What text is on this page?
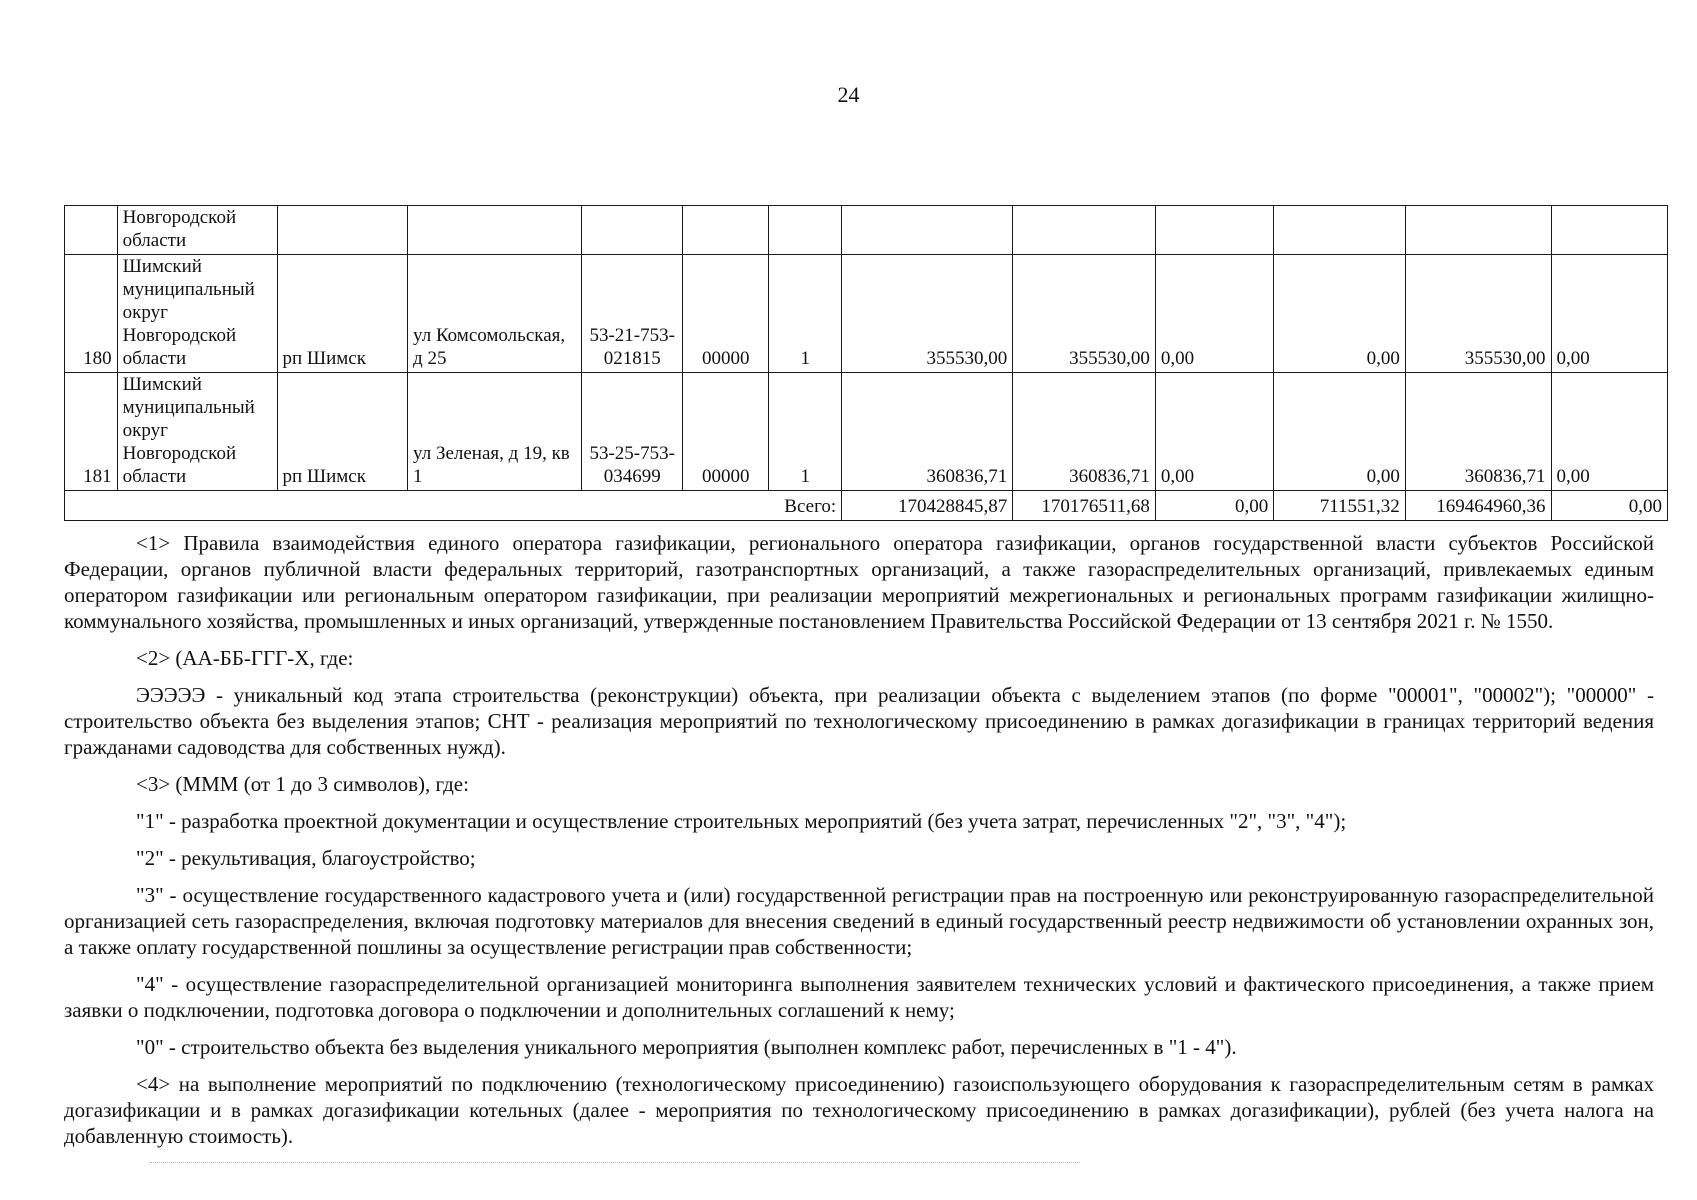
24
	Новгородской области											
180	Шимский муниципальный округ Новгородской области	рп Шимск	ул Комсомольская, д 25	53-21-753-021815	00000	1	355530,00	355530,00	0,00	0,00	355530,00	0,00
181	Шимский муниципальный округ Новгородской области	рп Шимск	ул Зеленая, д 19, кв 1	53-25-753-034699	00000	1	360836,71	360836,71	0,00	0,00	360836,71	0,00
Всего:							170428845,87	170176511,68	0,00	711551,32	169464960,36	0,00

<1> Правила взаимодействия единого оператора газификации, регионального оператора газификации, органов государственной власти субъектов Российской Федерации, органов публичной власти федеральных территорий, газотранспортных организаций, а также газораспределительных организаций, привлекаемых единым оператором газификации или региональным оператором газификации, при реализации мероприятий межрегиональных и региональных программ газификации жилищно-коммунального хозяйства, промышленных и иных организаций, утвержденные постановлением Правительства Российской Федерации от 13 сентября 2021 г. № 1550.

<2> (АА-ББ-ГГГ-Х, где:

ЭЭЭЭЭ - уникальный код этапа строительства (реконструкции) объекта, при реализации объекта с выделением этапов (по форме "00001", "00002"); "00000" - строительство объекта без выделения этапов; СНТ - реализация мероприятий по технологическому присоединению в рамках догазификации в границах территорий ведения гражданами садоводства для собственных нужд).

<3> (МММ (от 1 до 3 символов), где:

"1" - разработка проектной документации и осуществление строительных мероприятий (без учета затрат, перечисленных "2", "3", "4");

"2" - рекультивация, благоустройство;

"3" - осуществление государственного кадастрового учета и (или) государственной регистрации прав на построенную или реконструированную газораспределительной организацией сеть газораспределения, включая подготовку материалов для внесения сведений в единый государственный реестр недвижимости об установлении охранных зон, а также оплату государственной пошлины за осуществление регистрации прав собственности;

"4" - осуществление газораспределительной организацией мониторинга выполнения заявителем технических условий и фактического присоединения, а также прием заявки о подключении, подготовка договора о подключении и дополнительных соглашений к нему;

"0" - строительство объекта без выделения уникального мероприятия (выполнен комплекс работ, перечисленных в "1 - 4").

<4> на выполнение мероприятий по подключению (технологическому присоединению) газоиспользующего оборудования к газораспределительным сетям в рамках догазификации и в рамках догазификации котельных (далее - мероприятия по технологическому присоединению в рамках догазификации), рублей (без учета налога на добавленную стоимость).
